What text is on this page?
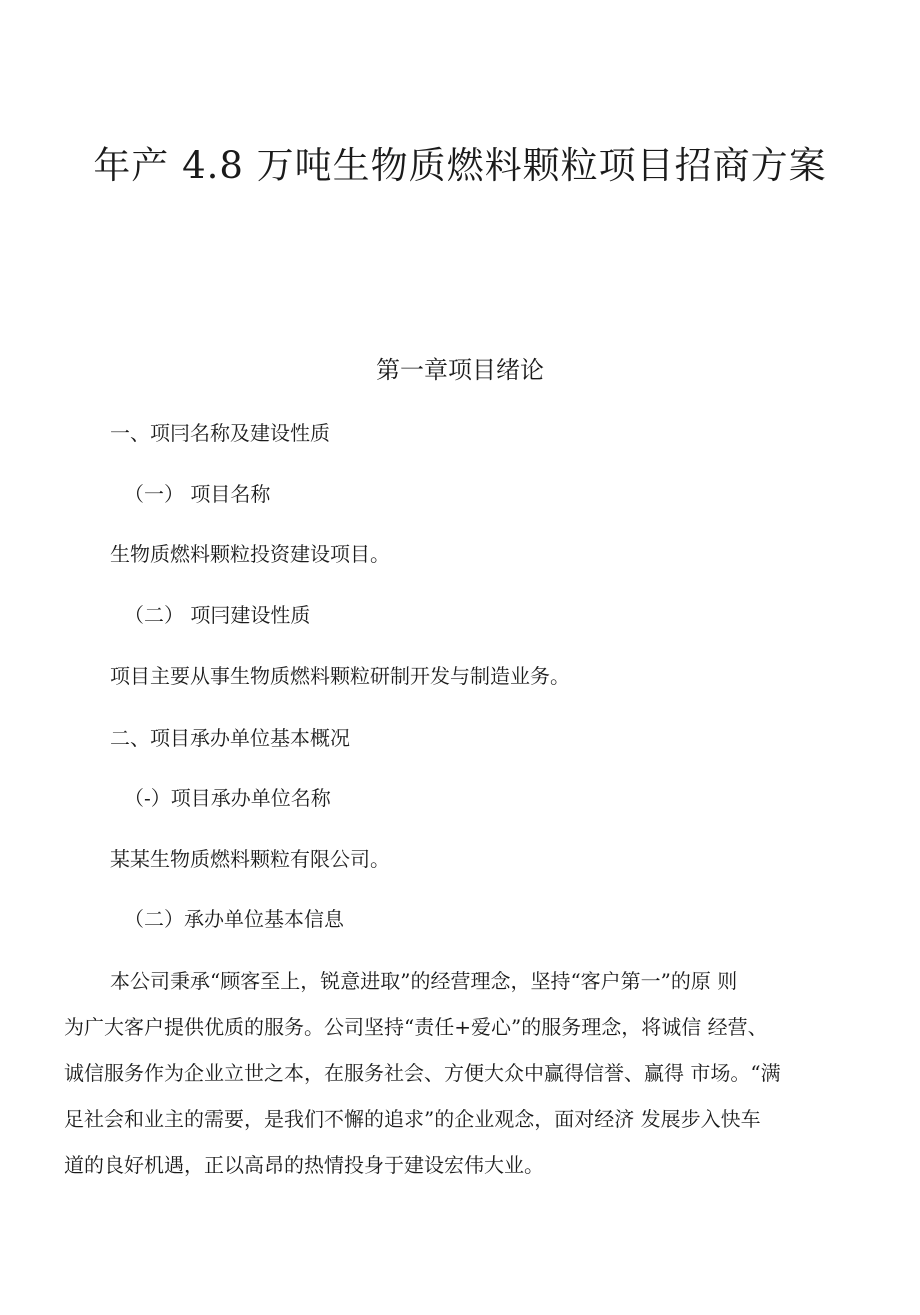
年产 4.8 万吨生物质燃料颗粒项目招商方案
第一章项目绪论

一、项冃名称及建设性质

（一） 项目名称

生物质燃料颗粒投资建设项目。

（二） 项冃建设性质

项目主要从事生物质燃料颗粒研制开发与制造业务。

二、项目承办单位基本概况

（-）项目承办单位名称

某某生物质燃料颗粒有限公司。

（二）承办单位基本信息

本公司秉承“顾客至上，锐意进取”的经营理念，坚持“客户第一”的原 则
为广大客户提供优质的服务。公司坚持“责任+爱心”的服务理念，将诚信 经营、
诚信服务作为企业立世之本，在服务社会、方便大众中赢得信誉、赢得 市场。“满
足社会和业主的需要，是我们不懈的追求”的企业观念，面对经济 发展步入快车
道的良好机遇，正以高昂的热情投身于建设宏伟大业。
